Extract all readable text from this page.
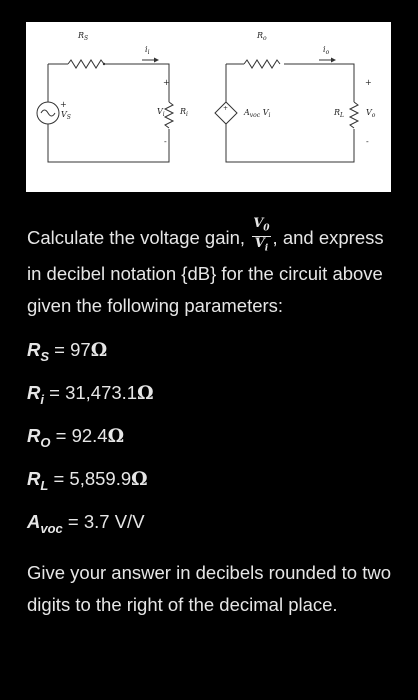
$R_S$
$i_i$
+
$V_S$
+
$V_i$
-
$R_i$
$R_o$
$i_o$
+ $A_{voc}$ $V_i$
+
$R_L$	$V_o$
-

Calculate the voltage gain, $\frac{V_0}{V_i}$ , and express in decibel notation {dB} for the circuit above given the following parameters:

$R_S = 97\Omega$

$R_i = 31,473.1\Omega$

$R_O = 92.4\Omega$

$R_L = 5,859.9\Omega$

$A_{voc} = 3.7$ V/V

Give your answer in decibels rounded to two digits to the right of the decimal place.
